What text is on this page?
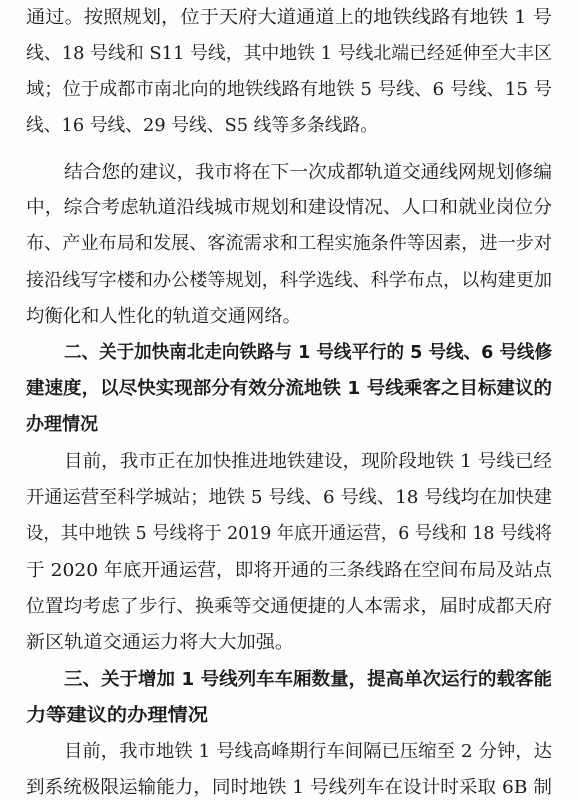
通过。按照规划，位于天府大道通道上的地铁线路有地铁 1 号
线、18 号线和 S11 号线，其中地铁 1 号线北端已经延伸至大丰区
域；位于成都市南北向的地铁线路有地铁 5 号线、6 号线、15 号
线、16 号线、29 号线、S5 线等多条线路。
结合您的建议，我市将在下一次成都轨道交通线网规划修编
中，综合考虑轨道沿线城市规划和建设情况、人口和就业岗位分
布、产业布局和发展、客流需求和工程实施条件等因素，进一步对
接沿线写字楼和办公楼等规划，科学选线、科学布点，以构建更加
均衡化和人性化的轨道交通网络。
二、关于加快南北走向铁路与 1 号线平行的 5 号线、6 号线修
建速度，以尽快实现部分有效分流地铁 1 号线乘客之目标建议的
办理情况
目前，我市正在加快推进地铁建设，现阶段地铁 1 号线已经
开通运营至科学城站；地铁 5 号线、6 号线、18 号线均在加快建
设，其中地铁 5 号线将于 2019 年底开通运营，6 号线和 18 号线将
于 2020 年底开通运营，即将开通的三条线路在空间布局及站点
位置均考虑了步行、换乘等交通便捷的人本需求，届时成都天府
新区轨道交通运力将大大加强。
三、关于增加 1 号线列车车厢数量，提高单次运行的载客能
力等建议的办理情况
目前，我市地铁 1 号线高峰期行车间隔已压缩至 2 分钟，达
到系统极限运输能力，同时地铁 1 号线列车在设计时采取 6B 制
